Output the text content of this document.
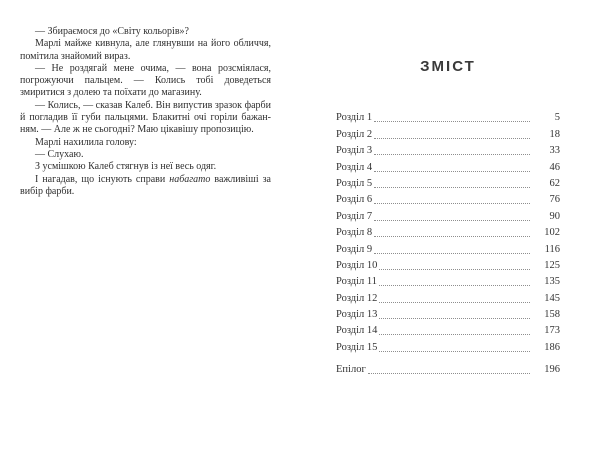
— Збираємося до «Світу кольорів»?

Марлі майже кивнула, але глянувши на його обличчя, помітила знайомий вираз.

— Не роздягай мене очима, — вона розсміялася, погрожуючи пальцем. — Колись тобі доведеться змиритися з долею та поїхати до магазину.

— Колись, — сказав Калеб. Він випустив зразок фарби й погладив її губи пальцями. Блакитні очі горіли бажанням. — Але ж не сьогодні? Маю цікавішу пропозицію.

Марлі нахилила голову:

— Слухаю.

З усмішкою Калеб стягнув із неї весь одяг.

І нагадав, що існують справи набагато важливіші за вибір фарби.

ЗМІСТ
Розділ 1	5
Розділ 2	18
Розділ 3	33
Розділ 4	46
Розділ 5	62
Розділ 6	76
Розділ 7	90
Розділ 8	102
Розділ 9	116
Розділ 10	125
Розділ 11	135
Розділ 12	145
Розділ 13	158
Розділ 14	173
Розділ 15	186
Епілог	196
